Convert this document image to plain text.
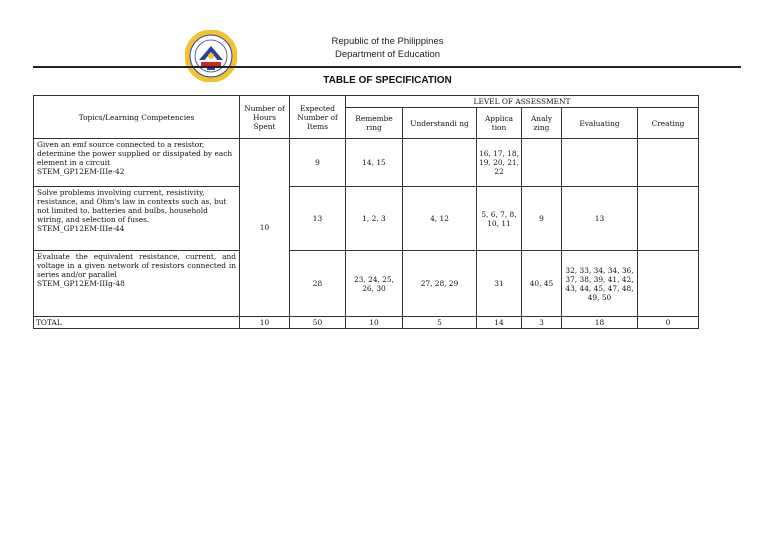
Republic of the Philippines
Department of Education
TABLE OF SPECIFICATION
Topics/Learning Competencies	Number of Hours Spent	Expected Number of Items	LEVEL OF ASSESSMENT					
			Remembe ring	Understandi ng	Applica tion	Analy zing	Evaluating	Creating
Given an emf source connected to a resistor, determine the power supplied or dissipated by each element in a circuit
STEM_GP12EM-IIIe-42	10	9	14, 15		16, 17, 18, 19, 20, 21, 22			
Solve problems involving current, resistivity, resistance, and Ohm's law in contexts such as, but not limited to, batteries and bulbs, household wiring, and selection of fuses.
STEM_GP12EM-IIIe-44		13	1, 2, 3	4, 12	5, 6, 7, 8, 10, 11	9	13	
Evaluate the equivalent resistance, current, and voltage in a given network of resistors connected in series and/or parallel
STEM_GP12EM-IIIg-48		28	23, 24, 25, 26, 30	27, 28, 29	31	40, 45	32, 33, 34, 34, 36, 37, 38, 39, 41, 42, 43, 44, 45, 47, 48, 49, 50	
TOTAL	10	50	10	5	14	3	18	0
